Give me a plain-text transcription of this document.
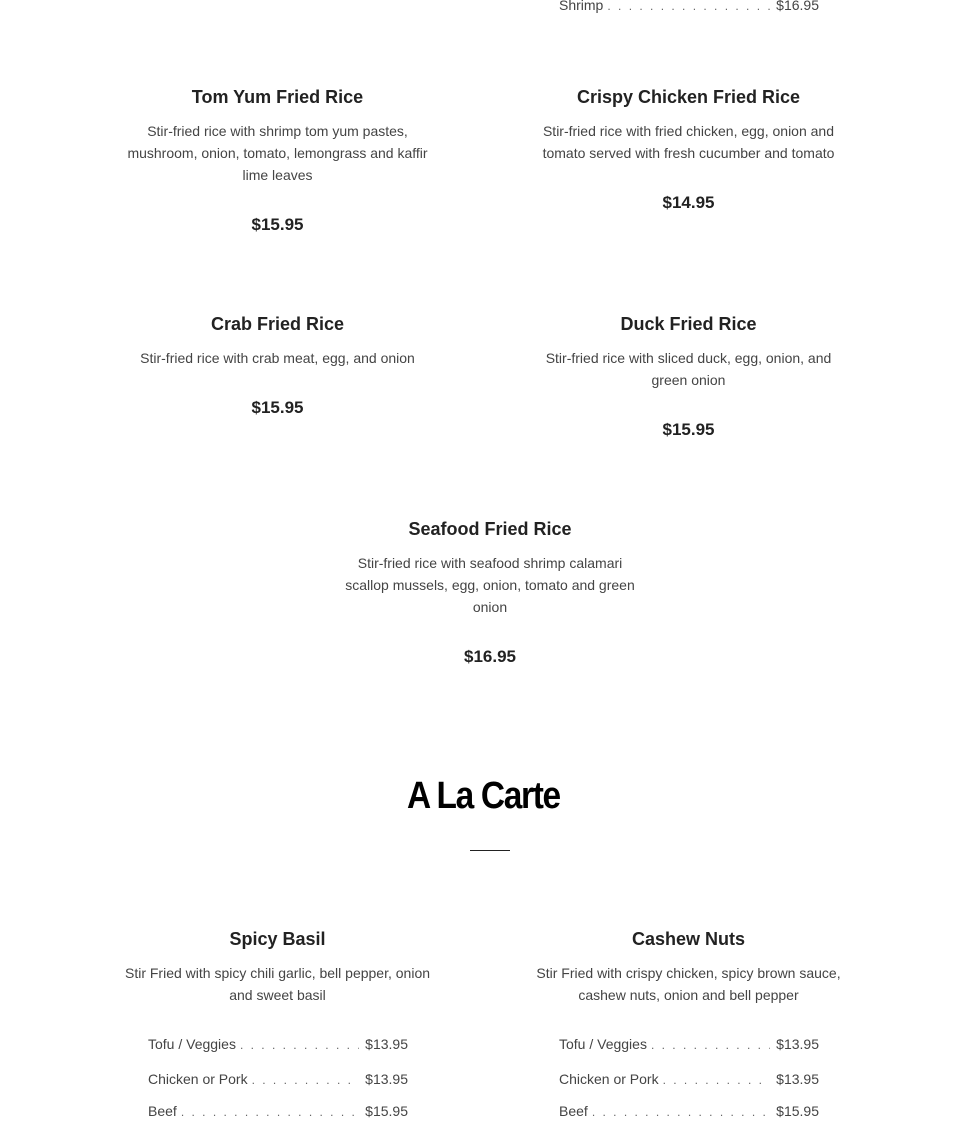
Shrimp . . .	$16.95
Tom Yum Fried Rice

Stir-fried rice with shrimp tom yum pastes, mushroom, onion, tomato, lemongrass and kaffir lime leaves

$15.95
Crispy Chicken Fried Rice

Stir-fried rice with fried chicken, egg, onion and tomato served with fresh cucumber and tomato

$14.95
Crab Fried Rice

Stir-fried rice with crab meat, egg, and onion

$15.95
Duck Fried Rice

Stir-fried rice with sliced duck, egg, onion, and green onion

$15.95
Seafood Fried Rice

Stir-fried rice with seafood shrimp calamari scallop mussels, egg, onion, tomato and green onion

$16.95
A La Carte
Spicy Basil

Stir Fried with spicy chili garlic, bell pepper, onion and sweet basil

Tofu / Veggies . . .	$13.95
Chicken or Pork . . .	$13.95
Beef . . .	$15.95
Cashew Nuts

Stir Fried with crispy chicken, spicy brown sauce, cashew nuts, onion and bell pepper

Tofu / Veggies . . .	$13.95
Chicken or Pork . . .	$13.95
Beef . . .	$15.95
